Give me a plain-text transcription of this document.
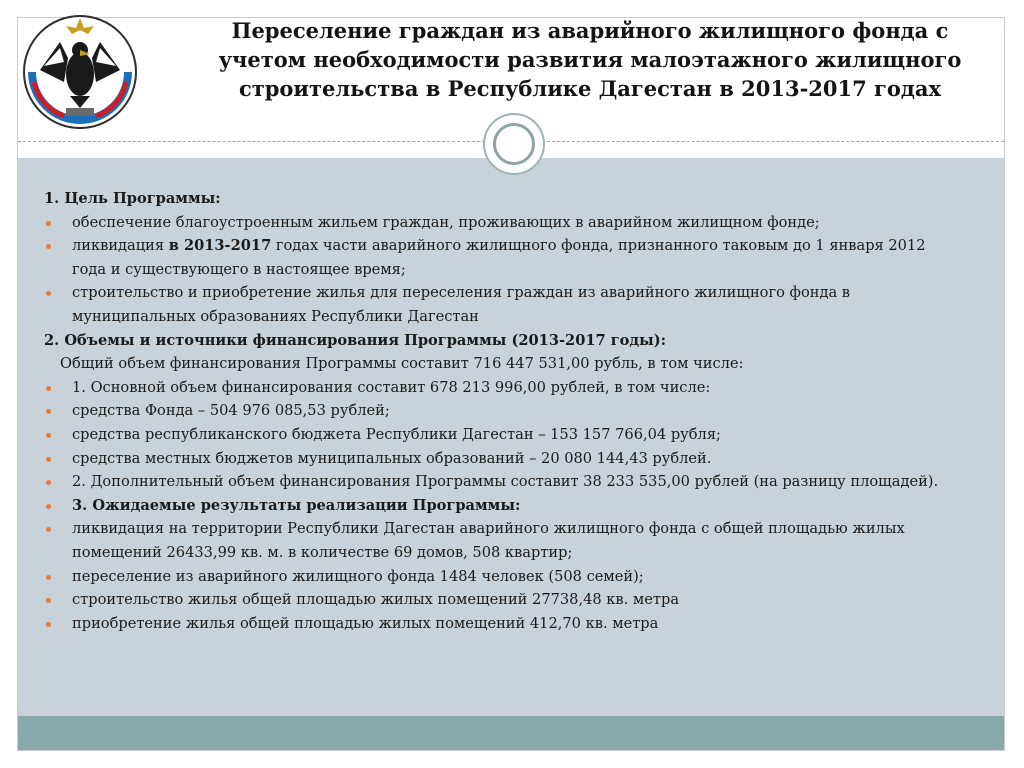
Переселение граждан из аварийного жилищного фонда с учетом необходимости развития малоэтажного жилищного строительства в Республике Дагестан в 2013-2017 годах

1. Цель Программы:

обеспечение благоустроенным жильем граждан, проживающих в аварийном жилищном фонде;

ликвидация в 2013-2017 годах части аварийного жилищного фонда, признанного таковым до 1 января 2012 года и существующего в настоящее время;

строительство и приобретение жилья для переселения граждан из аварийного жилищного фонда в муниципальных образованиях Республики Дагестан

2. Объемы и источники финансирования Программы (2013-2017 годы):

Общий объем финансирования Программы составит 716 447 531,00 рубль, в том числе:

1. Основной объем финансирования составит 678 213 996,00 рублей, в том числе:

средства Фонда – 504 976 085,53 рублей;

средства республиканского бюджета Республики Дагестан – 153 157 766,04 рубля;

средства местных бюджетов муниципальных образований – 20 080 144,43 рублей.

2. Дополнительный объем финансирования Программы составит 38 233 535,00 рублей (на разницу площадей).

3. Ожидаемые результаты реализации Программы:

ликвидация на территории Республики Дагестан аварийного жилищного фонда с общей площадью жилых помещений 26433,99 кв. м. в количестве 69 домов, 508 квартир;

переселение из аварийного жилищного фонда 1484 человек (508 семей);

строительство жилья общей площадью жилых помещений 27738,48 кв. метра

приобретение жилья общей площадью жилых помещений 412,70 кв. метра
